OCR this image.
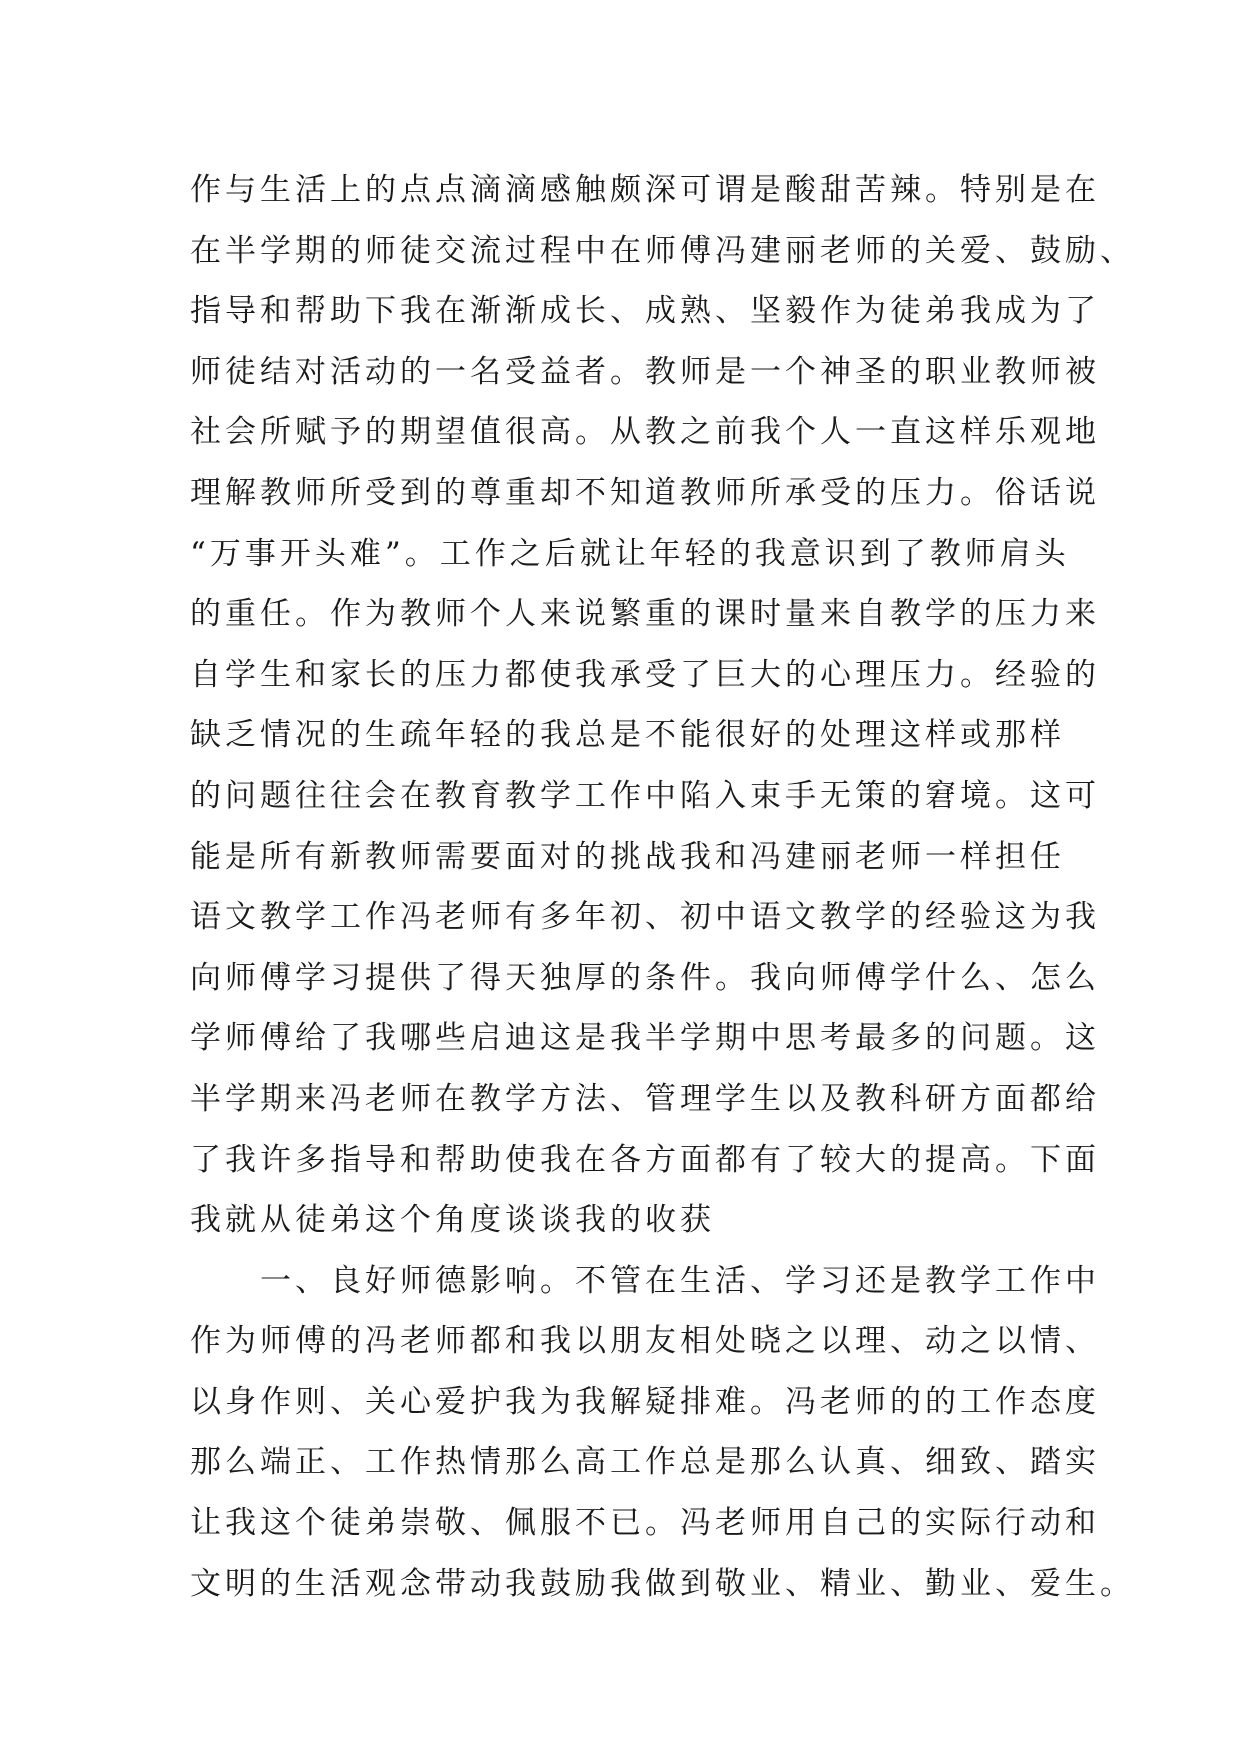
作与生活上的点点滴滴感触颇深可谓是酸甜苦辣。特别是在
在半学期的师徒交流过程中在师傅冯建丽老师的关爱、鼓励、
指导和帮助下我在渐渐成长、成熟、坚毅作为徒弟我成为了
师徒结对活动的一名受益者。教师是一个神圣的职业教师被
社会所赋予的期望值很高。从教之前我个人一直这样乐观地
理解教师所受到的尊重却不知道教师所承受的压力。俗话说
“万事开头难”。工作之后就让年轻的我意识到了教师肩头
的重任。作为教师个人来说繁重的课时量来自教学的压力来
自学生和家长的压力都使我承受了巨大的心理压力。经验的
缺乏情况的生疏年轻的我总是不能很好的处理这样或那样
的问题往往会在教育教学工作中陷入束手无策的窘境。这可
能是所有新教师需要面对的挑战我和冯建丽老师一样担任
语文教学工作冯老师有多年初、初中语文教学的经验这为我
向师傅学习提供了得天独厚的条件。我向师傅学什么、怎么
学师傅给了我哪些启迪这是我半学期中思考最多的问题。这
半学期来冯老师在教学方法、管理学生以及教科研方面都给
了我许多指导和帮助使我在各方面都有了较大的提高。下面
我就从徒弟这个角度谈谈我的收获
一、良好师德影响。不管在生活、学习还是教学工作中
作为师傅的冯老师都和我以朋友相处晓之以理、动之以情、
以身作则、关心爱护我为我解疑排难。冯老师的的工作态度
那么端正、工作热情那么高工作总是那么认真、细致、踏实
让我这个徒弟崇敬、佩服不已。冯老师用自己的实际行动和
文明的生活观念带动我鼓励我做到敬业、精业、勤业、爱生。
